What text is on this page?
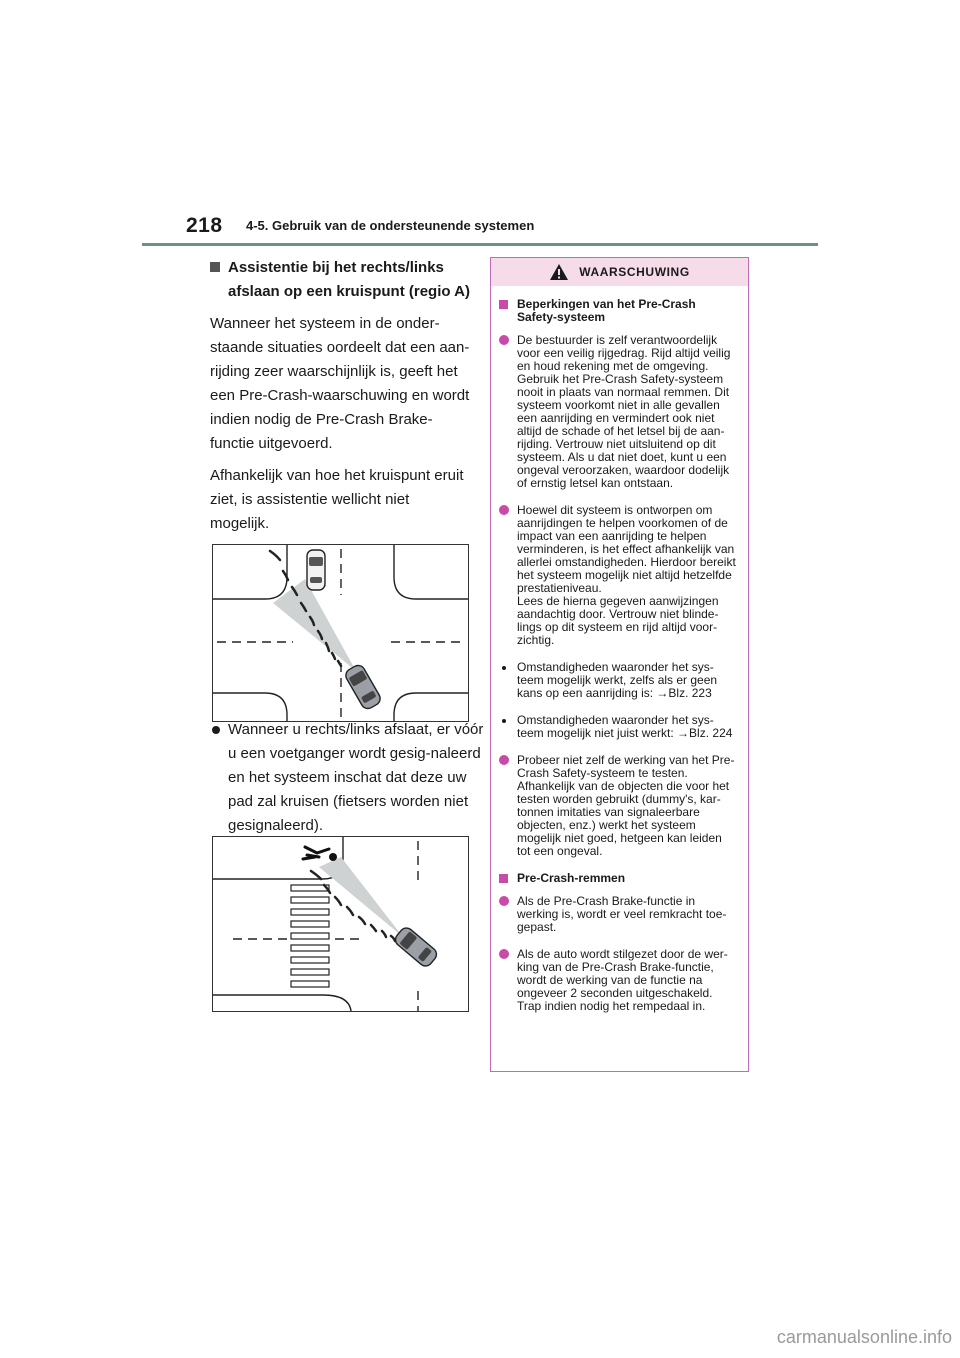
218 4-5. Gebruik van de ondersteunende systemen
Assistentie bij het rechts/links afslaan op een kruispunt (regio A)
Wanneer het systeem in de onder-staande situaties oordeelt dat een aan-rijding zeer waarschijnlijk is, geeft het een Pre-Crash-waarschuwing en wordt indien nodig de Pre-Crash Brake-functie uitgevoerd.
Afhankelijk van hoe het kruispunt eruit ziet, is assistentie wellicht niet mogelijk.
Wanneer u rechts/links afslaat, er vóór u een voetganger wordt gesig-naleerd en het systeem inschat dat deze uw pad zal kruisen (fietsers worden niet gesignaleerd).
WAARSCHUWING
Beperkingen van het Pre-Crash Safety-systeem
De bestuurder is zelf verantwoordelijk voor een veilig rijgedrag. Rijd altijd veilig en houd rekening met de omgeving. Gebruik het Pre-Crash Safety-systeem nooit in plaats van normaal remmen. Dit systeem voorkomt niet in alle gevallen een aanrijding en vermindert ook niet altijd de schade of het letsel bij de aan-rijding. Vertrouw niet uitsluitend op dit systeem. Als u dat niet doet, kunt u een ongeval veroorzaken, waardoor dodelijk of ernstig letsel kan ontstaan.
Hoewel dit systeem is ontworpen om aanrijdingen te helpen voorkomen of de impact van een aanrijding te helpen verminderen, is het effect afhankelijk van allerlei omstandigheden. Hierdoor bereikt het systeem mogelijk niet altijd hetzelfde prestatieniveau.
Lees de hierna gegeven aanwijzingen aandachtig door. Vertrouw niet blinde-lings op dit systeem en rijd altijd voor-zichtig.
Omstandigheden waaronder het sys-teem mogelijk werkt, zelfs als er geen kans op een aanrijding is: →Blz. 223
Omstandigheden waaronder het sys-teem mogelijk niet juist werkt: →Blz. 224
Probeer niet zelf de werking van het Pre-Crash Safety-systeem te testen. Afhankelijk van de objecten die voor het testen worden gebruikt (dummy's, kar-tonnen imitaties van signaleerbare objecten, enz.) werkt het systeem mogelijk niet goed, hetgeen kan leiden tot een ongeval.
Pre-Crash-remmen
Als de Pre-Crash Brake-functie in werking is, wordt er veel remkracht toe-gepast.
Als de auto wordt stilgezet door de wer-king van de Pre-Crash Brake-functie, wordt de werking van de functie na ongeveer 2 seconden uitgeschakeld. Trap indien nodig het rempedaal in.
carmanualsonline.info
